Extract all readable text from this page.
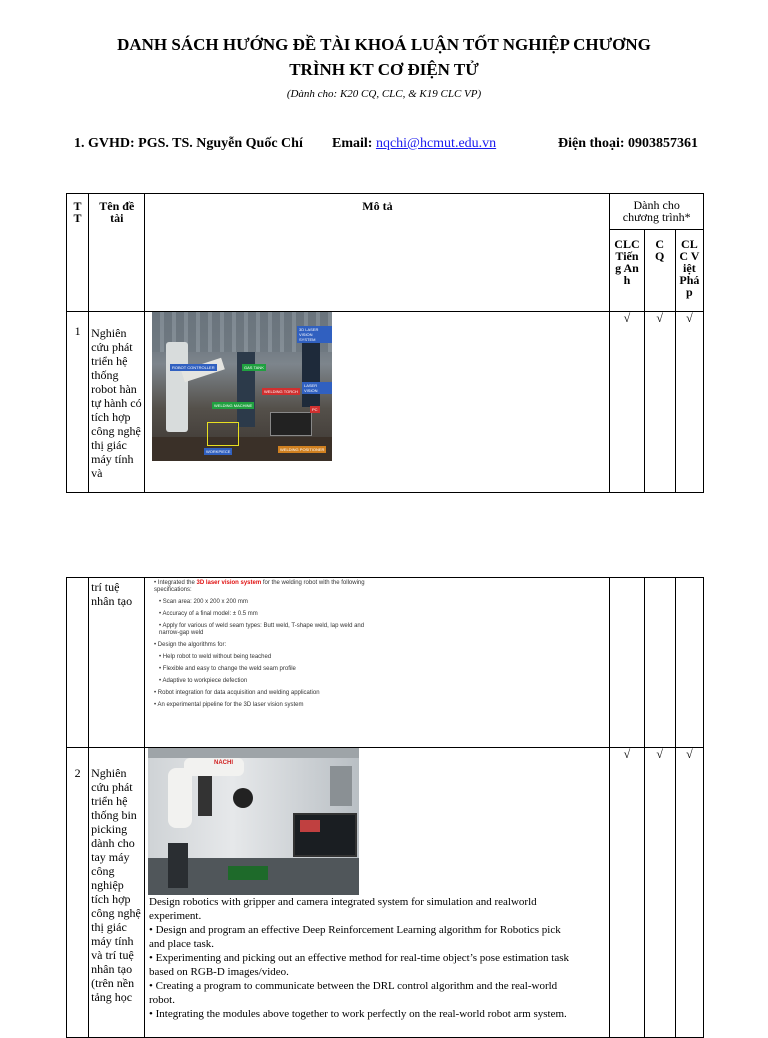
DANH SÁCH HƯỚNG ĐỀ TÀI KHOÁ LUẬN TỐT NGHIỆP CHƯƠNG
TRÌNH KT CƠ ĐIỆN TỬ
(Dành cho: K20 CQ, CLC, & K19 CLC VP)
1. GVHD: PGS. TS. Nguyễn Quốc Chí Email: nqchi@hcmut.edu.vn	Điện thoại: 0903857361
TT	Tên đề tài	Mô tả	Dành cho chương trình*		

			CLC Tiếng Anh	CQ	CLC Việt Pháp

1	Nghiên cứu phát triển hệ thống robot hàn tự hành có tích hợp công nghệ thị giác máy tính và		√	√	√
3D LASER VISION SYSTEM
ROBOT CONTROLLER	GAS TANK
WELDING MACHINE
WELDING TORCH
LASER VISION
PC
WORKPIECE	WELDING POSITIONER

	trí tuệ nhân tạo				

2	Nghiên cứu phát triển hệ thống bin picking dành cho tay máy công nghiệp tích hợp công nghệ thị giác máy tính và trí tuệ nhân tạo (trên nền tảng học		√	√	√
• Integrated the 3D laser vision system for the welding robot with the following specifications:
• Scan area: 200 x 200 x 200 mm
• Accuracy of a final model: ± 0.5 mm
• Apply for various of weld seam types: Butt weld, T-shape weld, lap weld and narrow-gap weld
• Design the algorithms for:
• Help robot to weld without being teached
• Flexible and easy to change the weld seam profile
• Adaptive to workpiece defection
• Robot integration for data acquisition and welding application
• An experimental pipeline for the 3D laser vision system
NACHI
Design robotics with gripper and camera integrated system for simulation and realworld experiment.
• Design and program an effective Deep Reinforcement Learning algorithm for Robotics pick and place task.
• Experimenting and picking out an effective method for real-time object’s pose estimation task based on RGB-D images/video.
• Creating a program to communicate between the DRL control algorithm and the real-world robot.
• Integrating the modules above together to work perfectly on the real-world robot arm system.
